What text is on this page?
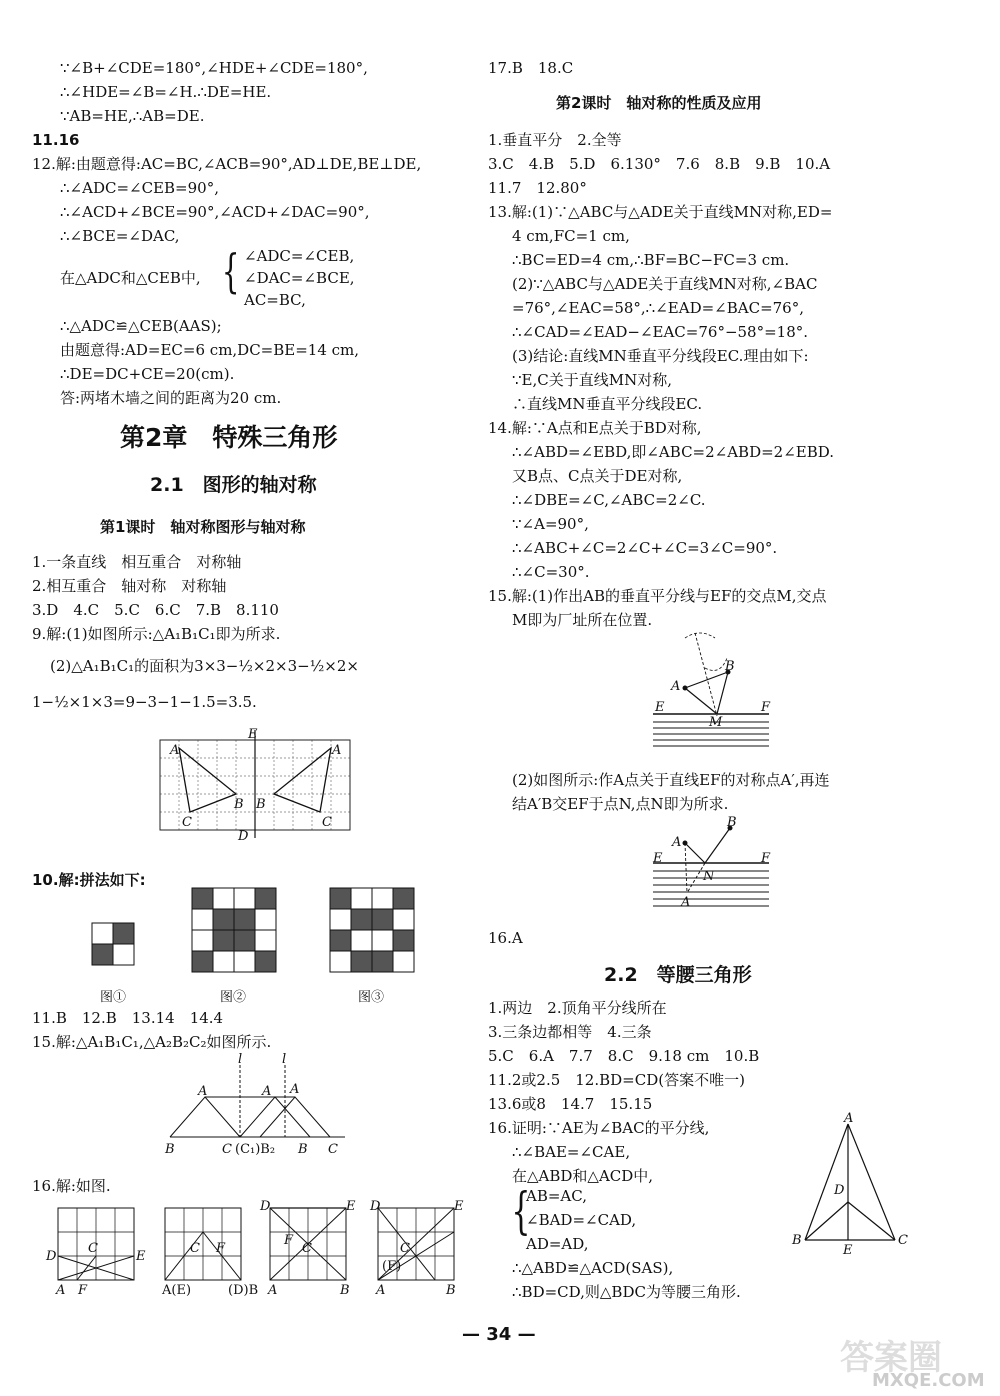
∵∠B+∠CDE=180°,∠HDE+∠CDE=180°,
∴∠HDE=∠B=∠H.∴DE=HE.
∵AB=HE,∴AB=DE.
11.16
12.解:由题意得:AC=BC,∠ACB=90°,AD⊥DE,BE⊥DE,
∴∠ADC=∠CEB=90°,
∴∠ACD+∠BCE=90°,∠ACD+∠DAC=90°,
∴∠BCE=∠DAC,
在△ADC和△CEB中, { ∠ADC=∠CEB,
∠DAC=∠BCE,
AC=BC,
∴△ADC≌△CEB(AAS);
由题意得:AD=EC=6 cm,DC=BE=14 cm,
∴DE=DC+CE=20(cm).
答:两堵木墙之间的距离为20 cm.
第2章　特殊三角形
2.1　图形的轴对称
第1课时　轴对称图形与轴对称
1.一条直线　相互重合　对称轴
2.相互重合　轴对称　对称轴
3.D　4.C　5.C　6.C　7.B　8.110
9.解:(1)如图所示:△A₁B₁C₁即为所求.
(2)△A₁B₁C₁的面积为3×3−½×2×3−½×2×
1−½×1×3=9−3−1−1.5=3.5.
A
B
C
A
B
C
E
D
10.解:拼法如下:
图①	图②	图③
11.B　12.B　13.14　14.4
15.解:△A₁B₁C₁,△A₂B₂C₂如图所示.
l	l
A	A A
B	C (C₁)B₂ B C
16.解:如图.
D
C
E
A F
C F
A(E)	(D)B
D	E
F
C
A	B
D	E
C
(F)
A	B
17.B　18.C
第2课时　轴对称的性质及应用
1.垂直平分　2.全等
3.C　4.B　5.D　6.130°　7.6　8.B　9.B　10.A
11.7　12.80°
13.解:(1)∵△ABC与△ADE关于直线MN对称,ED=
4 cm,FC=1 cm,
∴BC=ED=4 cm,∴BF=BC−FC=3 cm.
(2)∵△ABC与△ADE关于直线MN对称,∠BAC
=76°,∠EAC=58°,∴∠EAD=∠BAC=76°,
∴∠CAD=∠EAD−∠EAC=76°−58°=18°.
(3)结论:直线MN垂直平分线段EC.理由如下:
∵E,C关于直线MN对称,
∴直线MN垂直平分线段EC.
14.解:∵A点和E点关于BD对称,
∴∠ABD=∠EBD,即∠ABC=2∠ABD=2∠EBD.
又B点、C点关于DE对称,
∴∠DBE=∠C,∠ABC=2∠C.
∵∠A=90°,
∴∠ABC+∠C=2∠C+∠C=3∠C=90°.
∴∠C=30°.
15.解:(1)作出AB的垂直平分线与EF的交点M,交点
M即为厂址所在位置.
A
B
E	F
M
(2)如图所示:作A点关于直线EF的对称点A′,再连
结A′B交EF于点N,点N即为所求.
A
B
E	F
N
A
16.A
2.2　等腰三角形
1.两边　2.顶角平分线所在
3.三条边都相等　4.三条
5.C　6.A　7.7　8.C　9.18 cm　10.B
11.2或2.5　12.BD=CD(答案不唯一)
13.6或8　14.7　15.15
16.证明:∵AE为∠BAC的平分线,
∴∠BAE=∠CAE,
在△ABD和△ACD中,
{
AB=AC,
∠BAD=∠CAD,
AD=AD,
∴△ABD≌△ACD(SAS),
∴BD=CD,则△BDC为等腰三角形.
A
D
B	C
E
— 34 —
答案圈
MXQE.COM
